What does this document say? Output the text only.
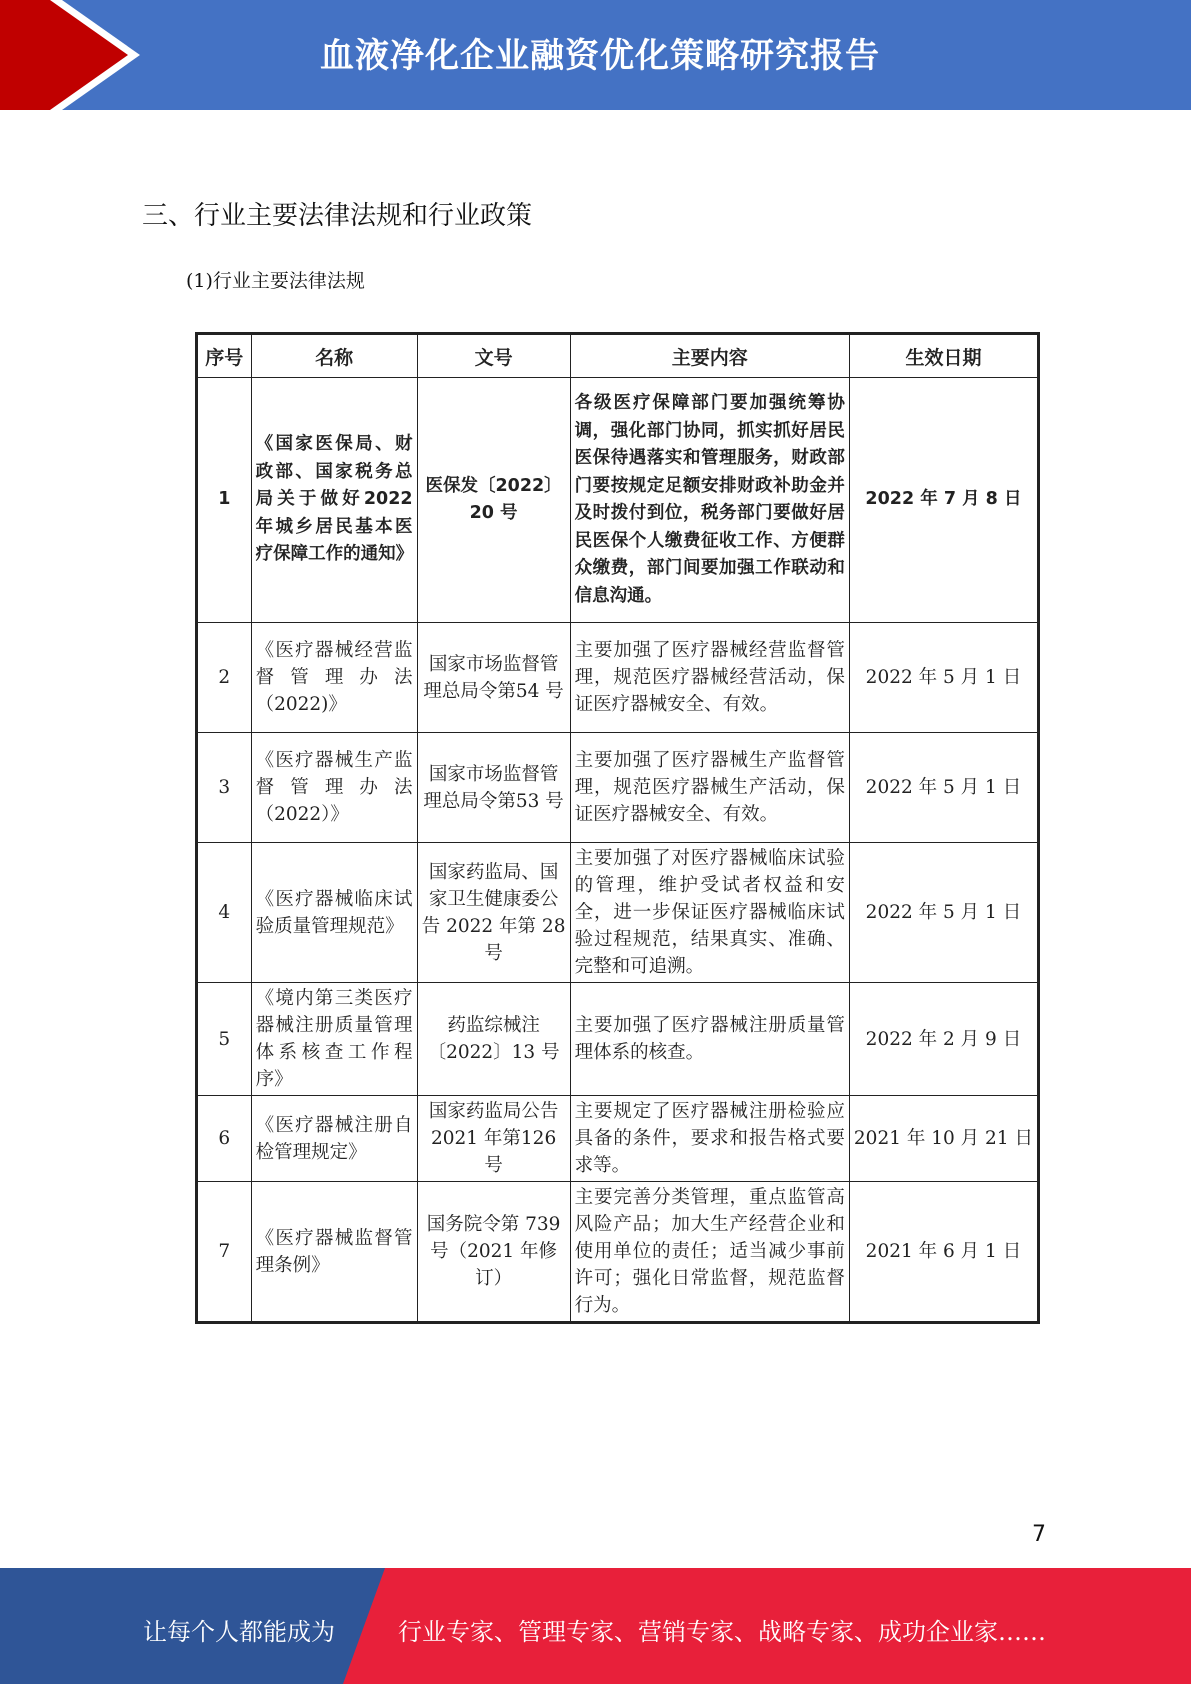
血液净化企业融资优化策略研究报告
三、行业主要法律法规和行业政策
(1)行业主要法律法规
序号	名称	文号	主要内容	生效日期
1	《国家医保局、财政部、国家税务总局关于做好2022 年城乡居民基本医疗保障工作的通知》	医保发〔2022〕20 号	各级医疗保障部门要加强统筹协调，强化部门协同，抓实抓好居民医保待遇落实和管理服务，财政部门要按规定足额安排财政补助金并及时拨付到位，税务部门要做好居民医保个人缴费征收工作、方便群众缴费，部门间要加强工作联动和信息沟通。	2022 年 7 月 8 日
2	《医疗器械经营监督管理办法（2022)》	国家市场监督管理总局令第54 号	主要加强了医疗器械经营监督管理，规范医疗器械经营活动，保证医疗器械安全、有效。	2022 年 5 月 1 日
3	《医疗器械生产监督管理办法（2022）》	国家市场监督管理总局令第53 号	主要加强了医疗器械生产监督管理，规范医疗器械生产活动，保证医疗器械安全、有效。	2022 年 5 月 1 日
4	《医疗器械临床试验质量管理规范》	国家药监局、国家卫生健康委公告 2022 年第 28 号	主要加强了对医疗器械临床试验的管理，维护受试者权益和安全，进一步保证医疗器械临床试验过程规范，结果真实、准确、完整和可追溯。	2022 年 5 月 1 日
5	《境内第三类医疗器械注册质量管理体系核查工作程序》	药监综械注〔2022〕13 号	主要加强了医疗器械注册质量管理体系的核查。	2022 年 2 月 9 日
6	《医疗器械注册自检管理规定》	国家药监局公告 2021 年第126 号	主要规定了医疗器械注册检验应具备的条件，要求和报告格式要求等。	2021 年 10 月 21 日
7	《医疗器械监督管理条例》	国务院令第 739 号（2021 年修订）	主要完善分类管理，重点监管高风险产品；加大生产经营企业和使用单位的责任；适当减少事前许可；强化日常监督，规范监督行为。	2021 年 6 月 1 日
7
让每个人都能成为	行业专家、管理专家、营销专家、战略专家、成功企业家……
